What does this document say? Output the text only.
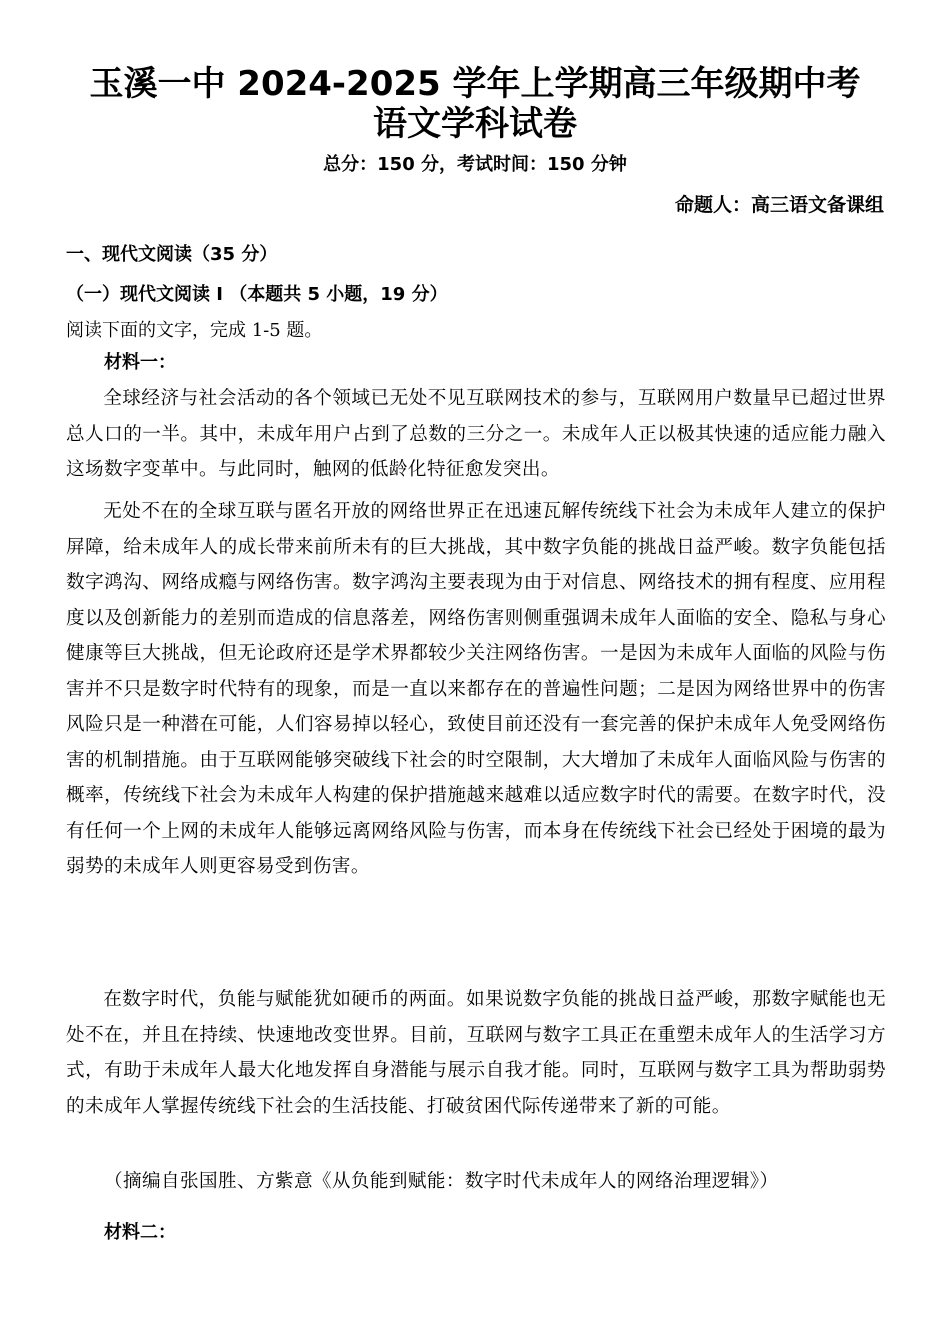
玉溪一中 2024-2025 学年上学期高三年级期中考
语文学科试卷
总分：150 分，考试时间：150 分钟
命题人：高三语文备课组
一、现代文阅读（35 分）
（一）现代文阅读 I （本题共 5 小题，19 分）
阅读下面的文字，完成 1-5 题。
材料一：

全球经济与社会活动的各个领域已无处不见互联网技术的参与，互联网用户数量早已超过世界总人口的一半。其中，未成年用户占到了总数的三分之一。未成年人正以极其快速的适应能力融入这场数字变革中。与此同时，触网的低龄化特征愈发突出。

无处不在的全球互联与匿名开放的网络世界正在迅速瓦解传统线下社会为未成年人建立的保护屏障，给未成年人的成长带来前所未有的巨大挑战，其中数字负能的挑战日益严峻。数字负能包括数字鸿沟、网络成瘾与网络伤害。数字鸿沟主要表现为由于对信息、网络技术的拥有程度、应用程度以及创新能力的差别而造成的信息落差，网络伤害则侧重强调未成年人面临的安全、隐私与身心健康等巨大挑战，但无论政府还是学术界都较少关注网络伤害。一是因为未成年人面临的风险与伤害并不只是数字时代特有的现象，而是一直以来都存在的普遍性问题；二是因为网络世界中的伤害风险只是一种潜在可能，人们容易掉以轻心，致使目前还没有一套完善的保护未成年人免受网络伤害的机制措施。由于互联网能够突破线下社会的时空限制，大大增加了未成年人面临风险与伤害的概率，传统线下社会为未成年人构建的保护措施越来越难以适应数字时代的需要。在数字时代，没有任何一个上网的未成年人能够远离网络风险与伤害，而本身在传统线下社会已经处于困境的最为弱势的未成年人则更容易受到伤害。

在数字时代，负能与赋能犹如硬币的两面。如果说数字负能的挑战日益严峻，那数字赋能也无处不在，并且在持续、快速地改变世界。目前，互联网与数字工具正在重塑未成年人的生活学习方式，有助于未成年人最大化地发挥自身潜能与展示自我才能。同时，互联网与数字工具为帮助弱势的未成年人掌握传统线下社会的生活技能、打破贫困代际传递带来了新的可能。

（摘编自张国胜、方紫意《从负能到赋能：数字时代未成年人的网络治理逻辑》）
材料二：
